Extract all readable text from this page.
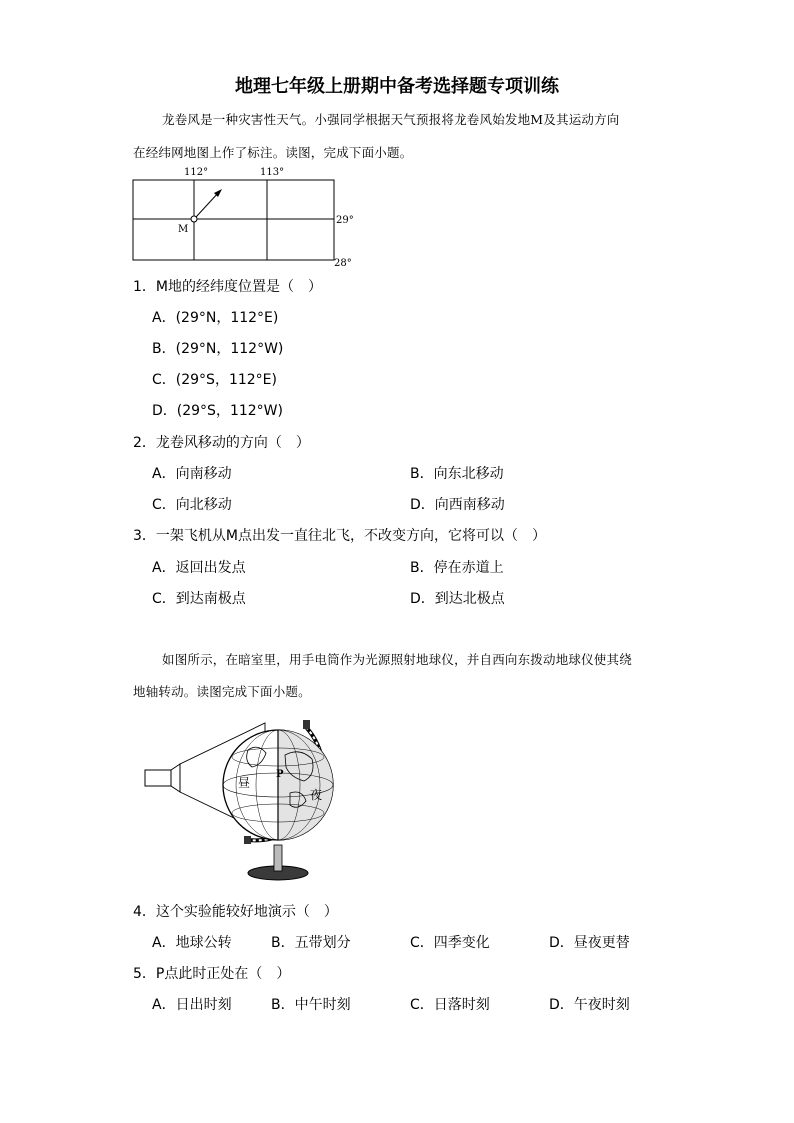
地理七年级上册期中备考选择题专项训练
龙卷风是一种灾害性天气。小强同学根据天气预报将龙卷风始发地M及其运动方向
在经纬网地图上作了标注。读图，完成下面小题。
112°	113°
29°
28°
M
1．M地的经纬度位置是（　）
A．(29°N，112°E)
B．(29°N，112°W)
C．(29°S，112°E)
D．(29°S，112°W)
2．龙卷风移动的方向（　）
A．向南移动	B．向东北移动
C．向北移动	D．向西南移动
3．一架飞机从M点出发一直往北飞，不改变方向，它将可以（　）
A．返回出发点	B．停在赤道上
C．到达南极点	D．到达北极点
如图所示，在暗室里，用手电筒作为光源照射地球仪，并自西向东拨动地球仪使其绕
地轴转动。读图完成下面小题。
昼
夜
P
4．这个实验能较好地演示（　）
A．地球公转	B．五带划分	C．四季变化	D．昼夜更替
5．P点此时正处在（　）
A．日出时刻	B．中午时刻	C．日落时刻	D．午夜时刻
